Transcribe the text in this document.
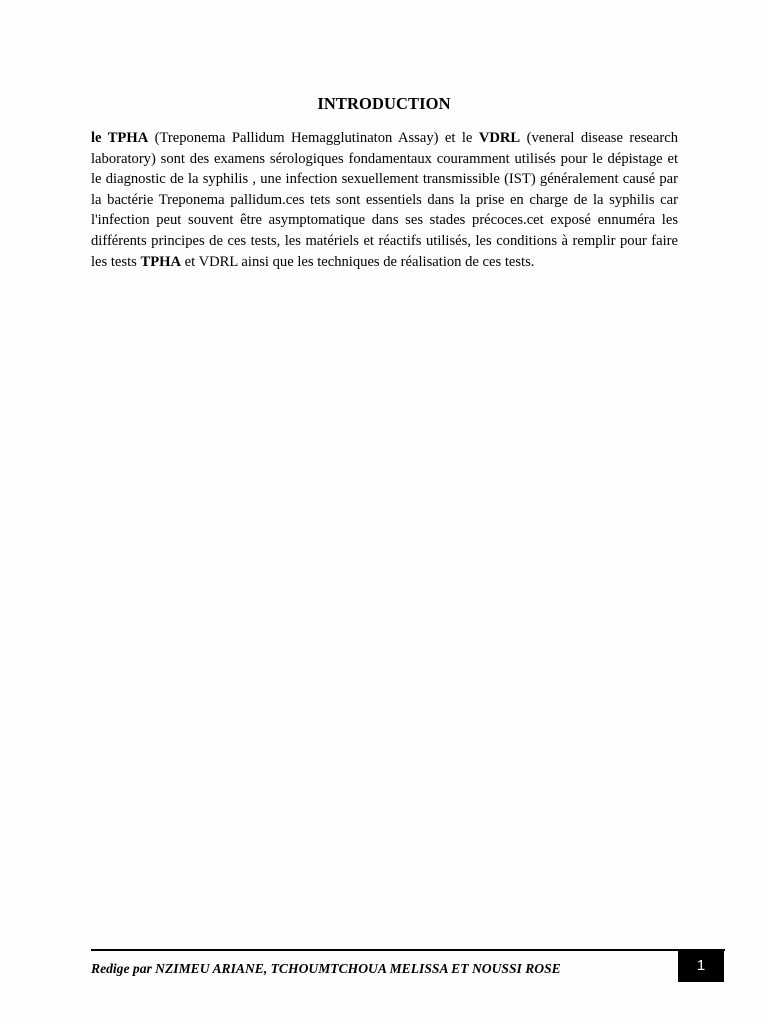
INTRODUCTION

le TPHA (Treponema Pallidum Hemagglutinaton Assay) et le VDRL (veneral disease research laboratory) sont des examens sérologiques fondamentaux couramment utilisés pour le dépistage et le diagnostic de la syphilis , une infection sexuellement transmissible (IST) généralement causé par la bactérie Treponema pallidum.ces tets sont essentiels dans la prise en charge de la syphilis car l'infection peut souvent être asymptomatique dans ses stades précoces.cet exposé ennuméra les différents principes de ces tests, les matériels et réactifs utilisés, les conditions à remplir pour faire les tests TPHA et VDRL ainsi que les techniques de réalisation de ces tests.

Redige par NZIMEU ARIANE, TCHOUMTCHOUA MELISSA ET NOUSSI ROSE	1
